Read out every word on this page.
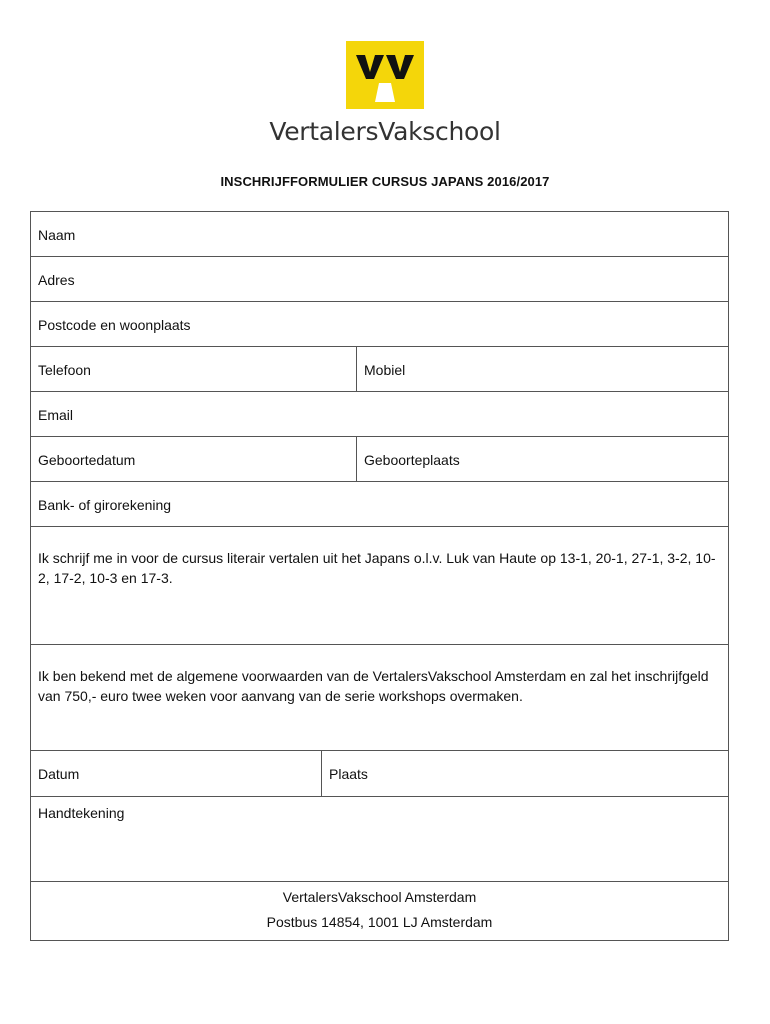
VertalersVakschool
INSCHRIJFFORMULIER CURSUS JAPANS 2016/2017
Naam
Adres
Postcode en woonplaats
Telefoon	Mobiel
Email
Geboortedatum	Geboorteplaats
Bank- of girorekening
Ik schrijf me in voor de cursus literair vertalen uit het Japans o.l.v. Luk van Haute op 13-1, 20-1, 27-1, 3-2, 10-2, 17-2, 10-3 en 17-3.
Ik ben bekend met de algemene voorwaarden van de VertalersVakschool Amsterdam en zal het inschrijfgeld van 750,- euro twee weken voor aanvang van de serie workshops overmaken.
Datum	Plaats
Handtekening
VertalersVakschool Amsterdam
Postbus 14854, 1001 LJ Amsterdam
